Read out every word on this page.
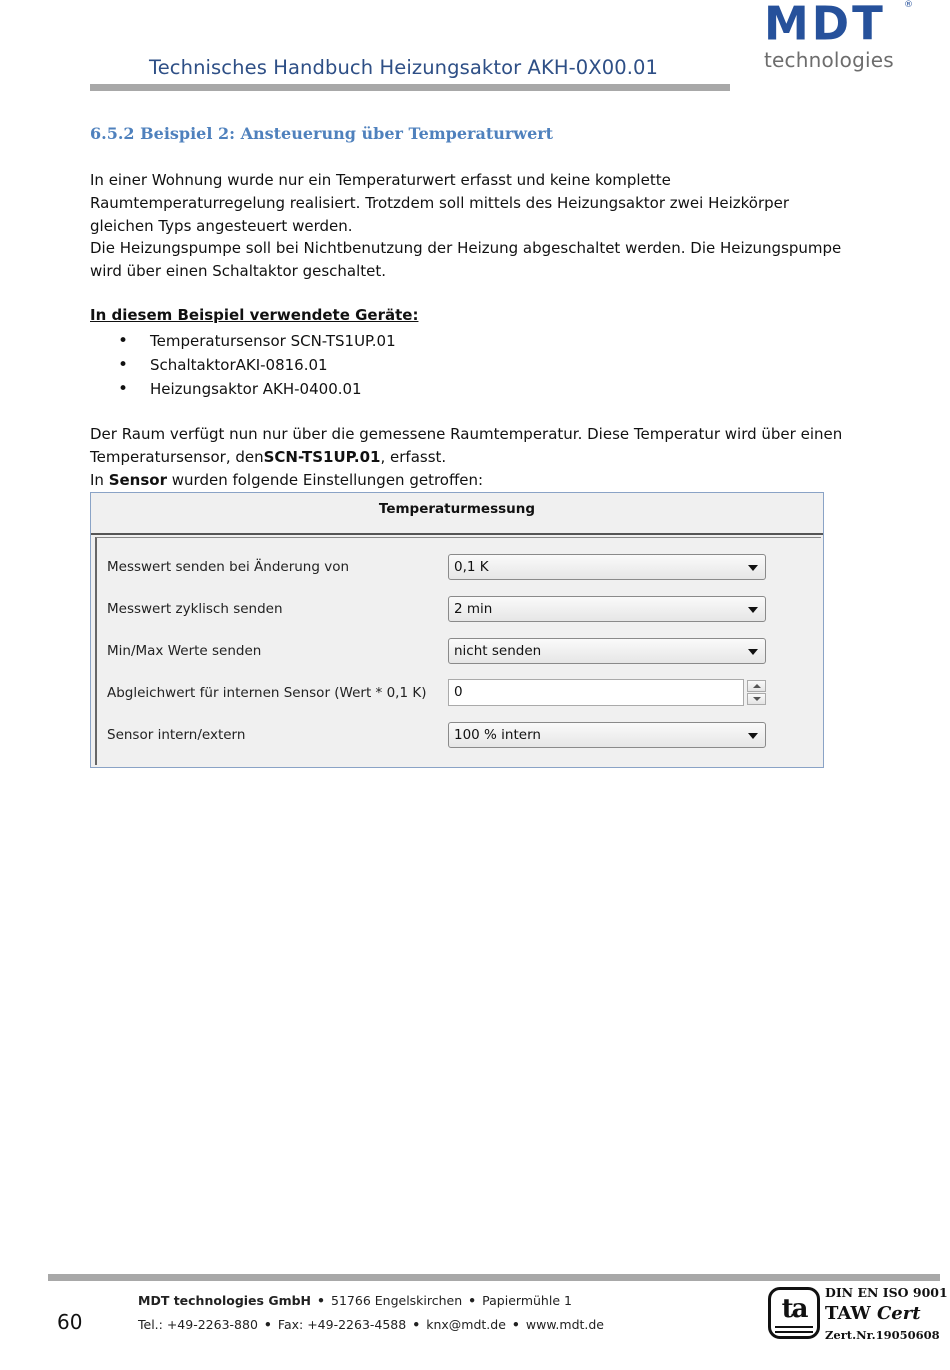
Technisches Handbuch Heizungsaktor AKH-0X00.01
MDT ®
technologies
6.5.2 Beispiel 2: Ansteuerung über Temperaturwert
In einer Wohnung wurde nur ein Temperaturwert erfasst und keine komplette
Raumtemperaturregelung realisiert. Trotzdem soll mittels des Heizungsaktor zwei Heizkörper
gleichen Typs angesteuert werden.
Die Heizungspumpe soll bei Nichtbenutzung der Heizung abgeschaltet werden. Die Heizungspumpe
wird über einen Schaltaktor geschaltet.
In diesem Beispiel verwendete Geräte:
• Temperatursensor SCN-TS1UP.01
• SchaltaktorAKI-0816.01
• Heizungsaktor AKH-0400.01
Der Raum verfügt nun nur über die gemessene Raumtemperatur. Diese Temperatur wird über einen
Temperatursensor, denSCN-TS1UP.01, erfasst.
In Sensor wurden folgende Einstellungen getroffen:
Temperaturmessung
Messwert senden bei Änderung von	0,1 K
Messwert zyklisch senden	2 min
Min/Max Werte senden	nicht senden
Abgleichwert für internen Sensor (Wert * 0,1 K) 0
Sensor intern/extern	100 % intern
60
MDT technologies GmbH • 51766 Engelskirchen • Papiermühle 1
Tel.: +49-2263-880 • Fax: +49-2263-4588 • knx@mdt.de • www.mdt.de
ta
DIN EN ISO 9001
TAW Cert
Zert.Nr.19050608
